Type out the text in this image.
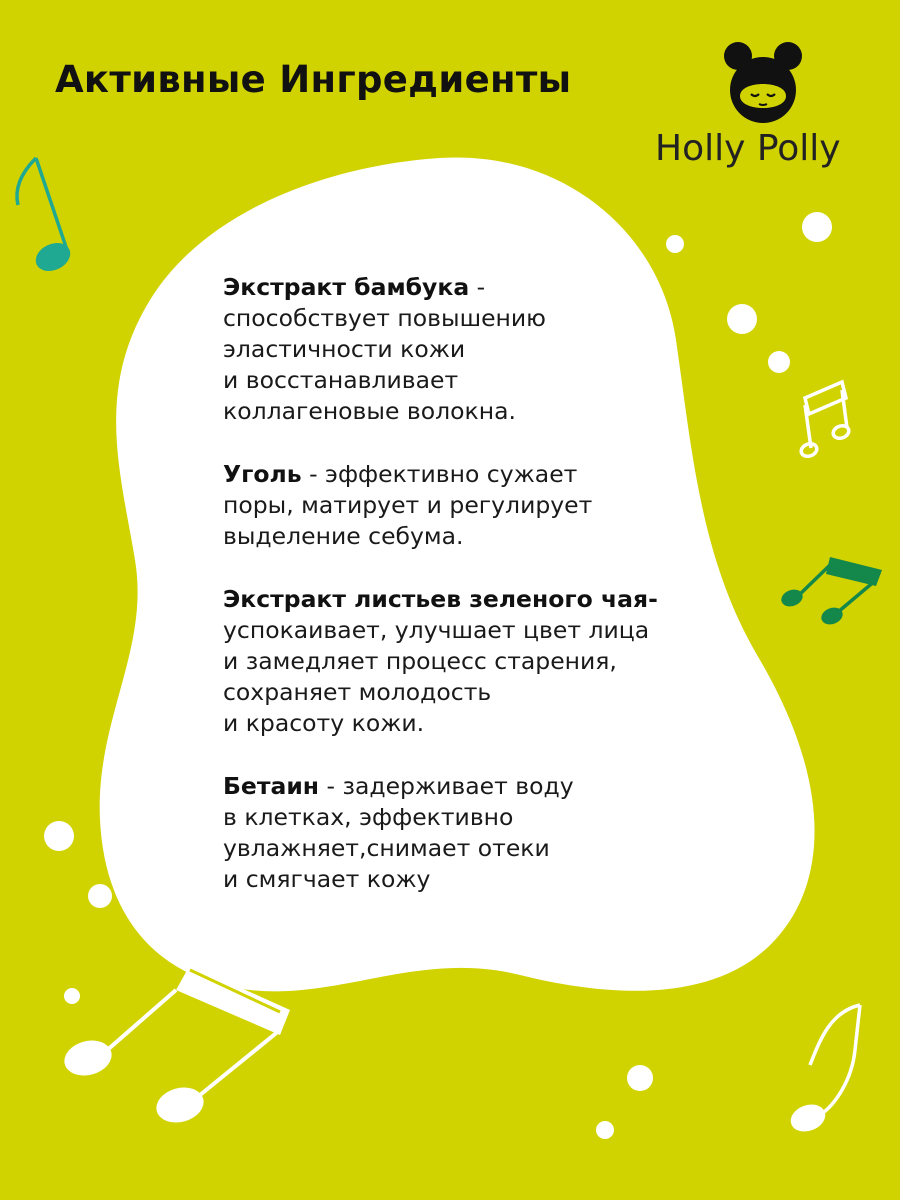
Активные Ингредиенты
Holly Polly
Экстракт бамбука -
способствует повышению
эластичности кожи
и восстанавливает
коллагеновые волокна.
Уголь - эффективно сужает
поры, матирует и регулирует
выделение себума.
Экстракт листьев зеленого чая-
успокаивает, улучшает цвет лица
и замедляет процесс старения,
сохраняет молодость
и красоту кожи.
Бетаин - задерживает воду
в клетках, эффективно
увлажняет,снимает отеки
и смягчает кожу
